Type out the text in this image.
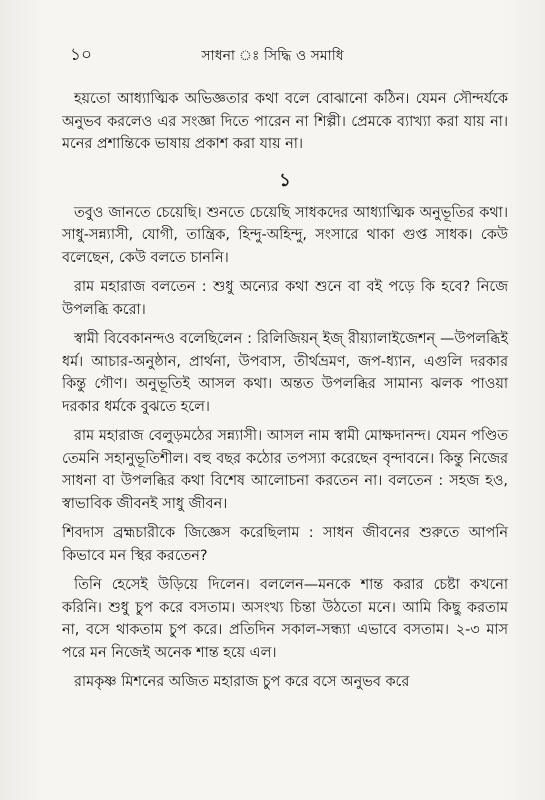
১০	সাধনা ঃ সিদ্ধি ও সমাধি

হয়তো আধ্যাত্মিক অভিজ্ঞতার কথা বলে বোঝানো কঠিন। যেমন সৌন্দর্যকে অনুভব করলেও এর সংজ্ঞা দিতে পারেন না শিল্পী। প্রেমকে ব্যাখ্যা করা যায় না। মনের প্রশান্তিকে ভাষায় প্রকাশ করা যায় না।

১

তবুও জানতে চেয়েছি। শুনতে চেয়েছি সাধকদের আধ্যাত্মিক অনুভূতির কথা। সাধু-সন্ন্যাসী, যোগী, তান্ত্রিক, হিন্দু-অহিন্দু, সংসারে থাকা গুপ্ত সাধক। কেউ বলেছেন, কেউ বলতে চাননি।

রাম মহারাজ বলতেন : শুধু অন্যের কথা শুনে বা বই পড়ে কি হবে? নিজে উপলব্ধি করো।

স্বামী বিবেকানন্দও বলেছিলেন : রিলিজিয়ন্ ইজ্ রীয়্যালাইজেশন্ —উপলব্ধিই ধর্ম। আচার-অনুষ্ঠান, প্রার্থনা, উপবাস, তীর্থভ্রমণ, জপ-ধ্যান, এগুলি দরকার কিন্তু গৌণ। অনুভূতিই আসল কথা। অন্তত উপলব্ধির সামান্য ঝলক পাওয়া দরকার ধর্মকে বুঝতে হলে।

রাম মহারাজ বেলুড়মঠের সন্ন্যাসী। আসল নাম স্বামী মোক্ষদানন্দ। যেমন পণ্ডিত তেমনি সহানুভূতিশীল। বহু বছর কঠোর তপস্যা করেছেন বৃন্দাবনে। কিন্তু নিজের সাধনা বা উপলব্ধির কথা বিশেষ আলোচনা করতেন না। বলতেন : সহজ হও, স্বাভাবিক জীবনই সাধু জীবন।

শিবদাস ব্রহ্মচারীকে জিজ্ঞেস করেছিলাম : সাধন জীবনের শুরুতে আপনি কিভাবে মন স্থির করতেন?

তিনি হেসেই উড়িয়ে দিলেন। বললেন—মনকে শান্ত করার চেষ্টা কখনো করিনি। শুধু চুপ করে বসতাম। অসংখ্য চিন্তা উঠতো মনে। আমি কিছু করতাম না, বসে থাকতাম চুপ করে। প্রতিদিন সকাল-সন্ধ্যা এভাবে বসতাম। ২-৩ মাস পরে মন নিজেই অনেক শান্ত হয়ে এল।

রামকৃষ্ণ মিশনের অজিত মহারাজ চুপ করে বসে অনুভব করে
